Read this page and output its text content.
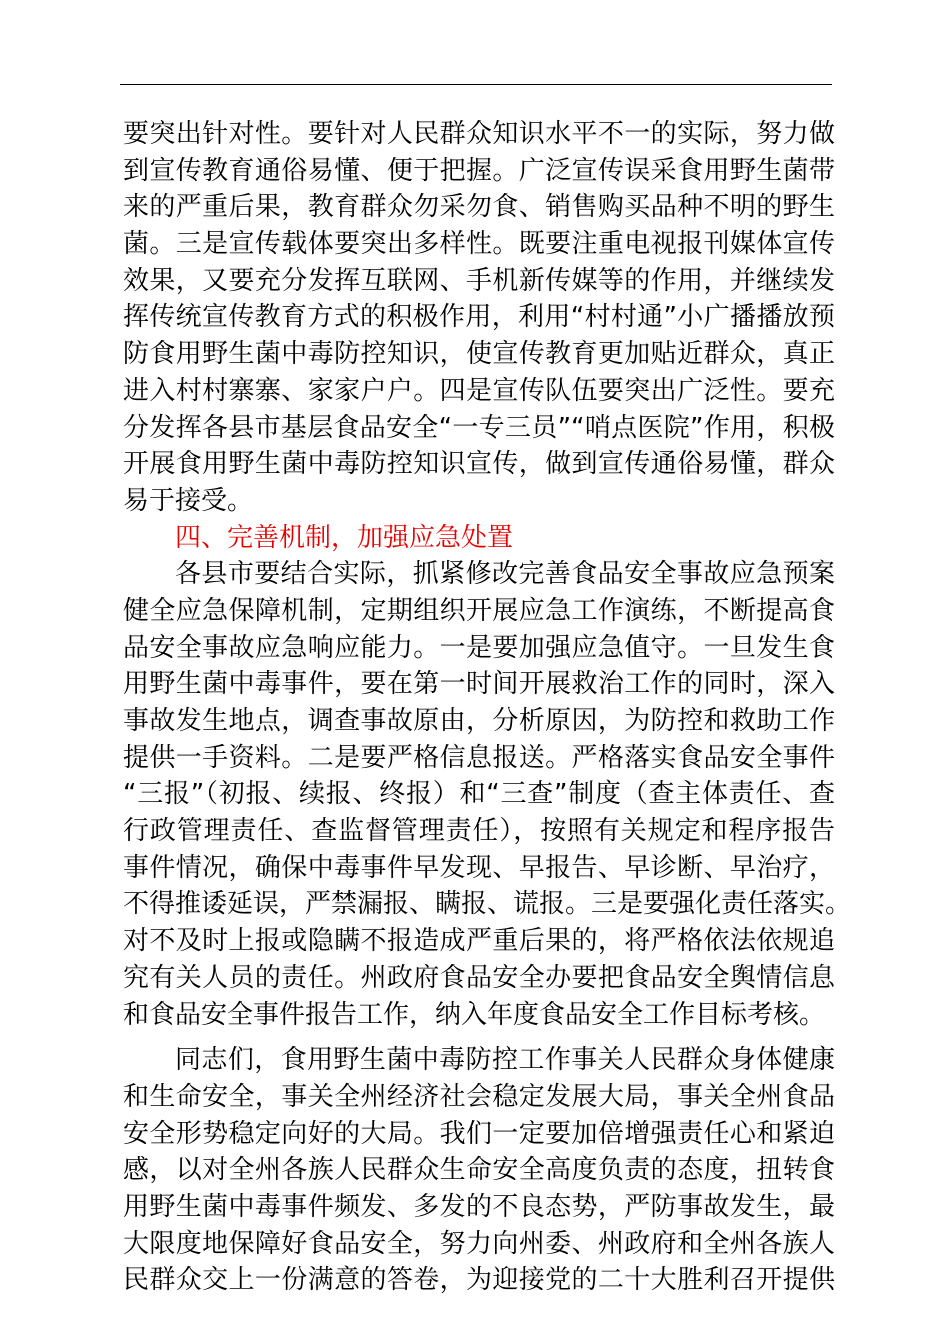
要突出针对性。要针对人民群众知识水平不一的实际，努力做
到宣传教育通俗易懂、便于把握。广泛宣传误采食用野生菌带
来的严重后果，教育群众勿采勿食、销售购买品种不明的野生
菌。三是宣传载体要突出多样性。既要注重电视报刊媒体宣传
效果，又要充分发挥互联网、手机新传媒等的作用，并继续发
挥传统宣传教育方式的积极作用，利用“村村通”小广播播放预
防食用野生菌中毒防控知识，使宣传教育更加贴近群众，真正
进入村村寨寨、家家户户。四是宣传队伍要突出广泛性。要充
分发挥各县市基层食品安全“一专三员”“哨点医院”作用，积极
开展食用野生菌中毒防控知识宣传，做到宣传通俗易懂，群众
易于接受。
四、完善机制，加强应急处置
各县市要结合实际，抓紧修改完善食品安全事故应急预案
健全应急保障机制，定期组织开展应急工作演练，不断提高食
品安全事故应急响应能力。一是要加强应急值守。一旦发生食
用野生菌中毒事件，要在第一时间开展救治工作的同时，深入
事故发生地点，调查事故原由，分析原因，为防控和救助工作
提供一手资料。二是要严格信息报送。严格落实食品安全事件
“三报”（初报、续报、终报）和“三查”制度（查主体责任、查
行政管理责任、查监督管理责任），按照有关规定和程序报告
事件情况，确保中毒事件早发现、早报告、早诊断、早治疗，
不得推诿延误，严禁漏报、瞒报、谎报。三是要强化责任落实。
对不及时上报或隐瞒不报造成严重后果的，将严格依法依规追
究有关人员的责任。州政府食品安全办要把食品安全舆情信息
和食品安全事件报告工作，纳入年度食品安全工作目标考核。
同志们，食用野生菌中毒防控工作事关人民群众身体健康
和生命安全，事关全州经济社会稳定发展大局，事关全州食品
安全形势稳定向好的大局。我们一定要加倍增强责任心和紧迫
感，以对全州各族人民群众生命安全高度负责的态度，扭转食
用野生菌中毒事件频发、多发的不良态势，严防事故发生，最
大限度地保障好食品安全，努力向州委、州政府和全州各族人
民群众交上一份满意的答卷，为迎接党的二十大胜利召开提供
